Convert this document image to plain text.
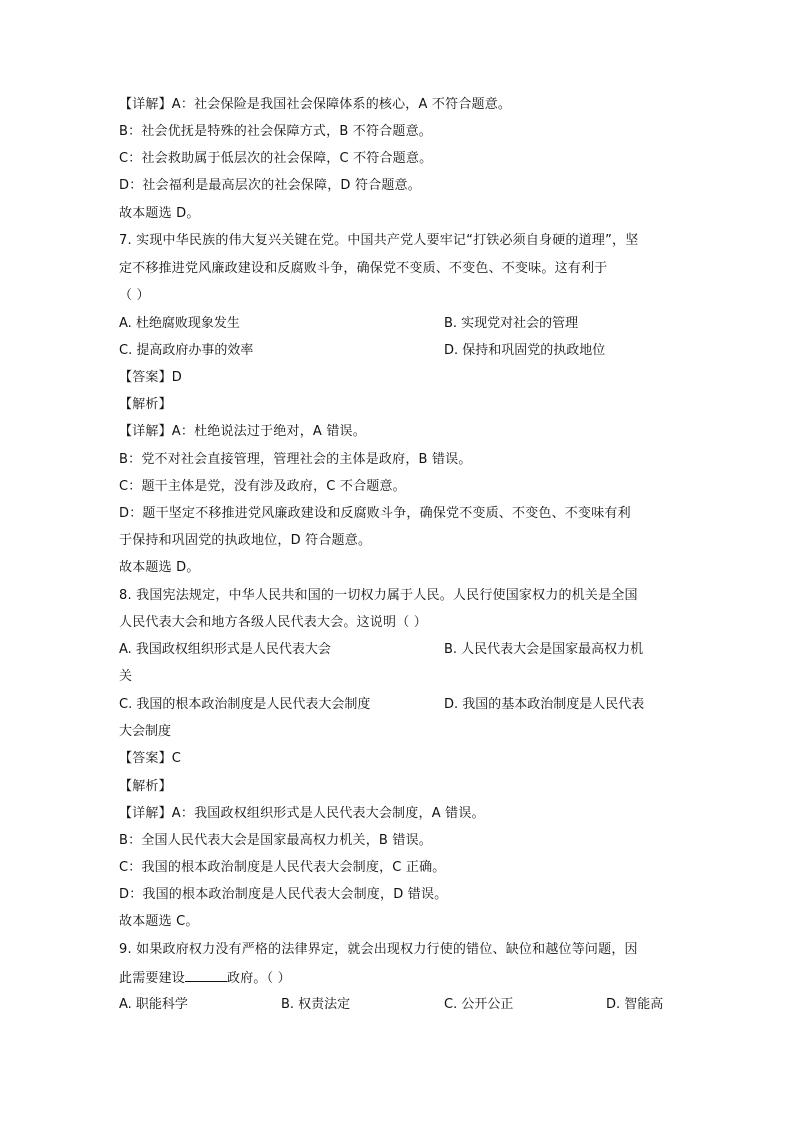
【详解】A：社会保险是我国社会保障体系的核心，A 不符合题意。
B：社会优抚是特殊的社会保障方式，B 不符合题意。
C：社会救助属于低层次的社会保障，C 不符合题意。
D：社会福利是最高层次的社会保障，D 符合题意。
故本题选 D。
7. 实现中华民族的伟大复兴关键在党。中国共产党人要牢记“打铁必须自身硬的道理”，坚
定不移推进党风廉政建设和反腐败斗争，确保党不变质、不变色、不变味。这有利于
（ ）
A. 杜绝腐败现象发生	B. 实现党对社会的管理
C. 提高政府办事的效率	D. 保持和巩固党的执政地位
【答案】D
【解析】
【详解】A：杜绝说法过于绝对，A 错误。
B：党不对社会直接管理，管理社会的主体是政府，B 错误。
C：题干主体是党，没有涉及政府，C 不合题意。
D：题干坚定不移推进党风廉政建设和反腐败斗争，确保党不变质、不变色、不变味有利
于保持和巩固党的执政地位，D 符合题意。
故本题选 D。
8. 我国宪法规定，中华人民共和国的一切权力属于人民。人民行使国家权力的机关是全国
人民代表大会和地方各级人民代表大会。这说明（ ）
A. 我国政权组织形式是人民代表大会	B. 人民代表大会是国家最高权力机
关
C. 我国的根本政治制度是人民代表大会制度	D. 我国的基本政治制度是人民代表
大会制度
【答案】C
【解析】
【详解】A：我国政权组织形式是人民代表大会制度，A 错误。
B：全国人民代表大会是国家最高权力机关，B 错误。
C：我国的根本政治制度是人民代表大会制度，C 正确。
D：我国的根本政治制度是人民代表大会制度，D 错误。
故本题选 C。
9. 如果政府权力没有严格的法律界定，就会出现权力行使的错位、缺位和越位等问题，因
此需要建设	政府。（ ）
A. 职能科学	B. 权责法定	C. 公开公正	D. 智能高
